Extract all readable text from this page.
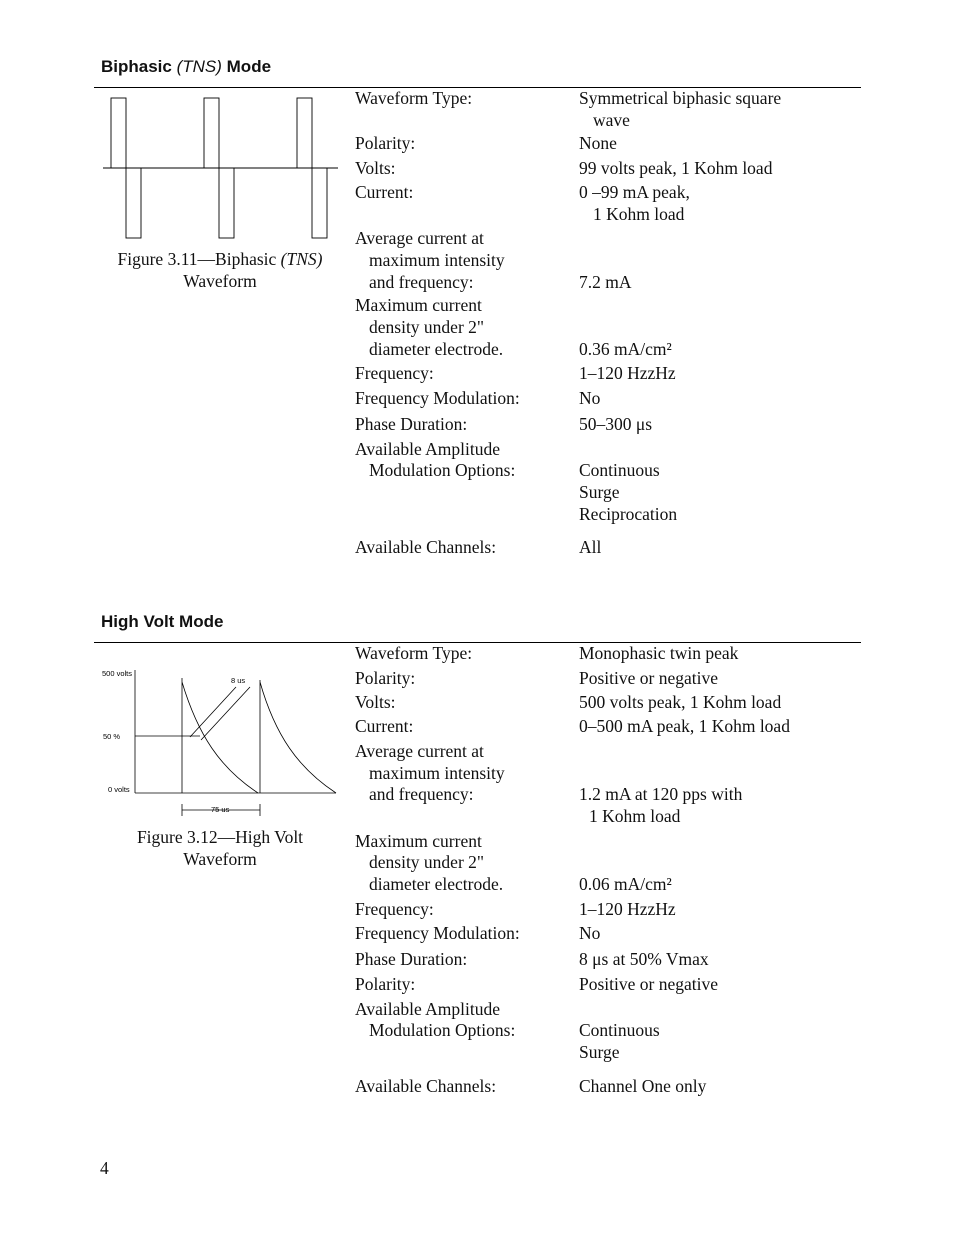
Biphasic (TNS) Mode
Figure 3.11—Biphasic (TNS)
Waveform
Waveform Type:	Symmetrical biphasic square
wave
Polarity:	None
Volts:	99 volts peak, 1 Kohm load
Current:	0 –99 mA peak,
1 Kohm load
Average current at
maximum intensity
and frequency:	7.2 mA
Maximum current
density under 2"
diameter electrode.	0.36 mA/cm²
Frequency:	1–120 HzzHz
Frequency Modulation:	No
Phase Duration:	50–300 μs
Available Amplitude
Modulation Options:	Continuous
Surge
Reciprocation
Available Channels:	All
High Volt Mode
500 volts
50 %
0 volts
8 us
75 us
Figure 3.12—High Volt
Waveform
Waveform Type:	Monophasic twin peak
Polarity:	Positive or negative
Volts:	500 volts peak, 1 Kohm load
Current:	0–500 mA peak, 1 Kohm load
Average current at
maximum intensity
and frequency:	1.2 mA at 120 pps with
1 Kohm load
Maximum current
density under 2"
diameter electrode.	0.06 mA/cm²
Frequency:	1–120 HzzHz
Frequency Modulation:	No
Phase Duration:	8 μs at 50% Vmax
Polarity:	Positive or negative
Available Amplitude
Modulation Options:	Continuous
Surge
Available Channels:	Channel One only
4
